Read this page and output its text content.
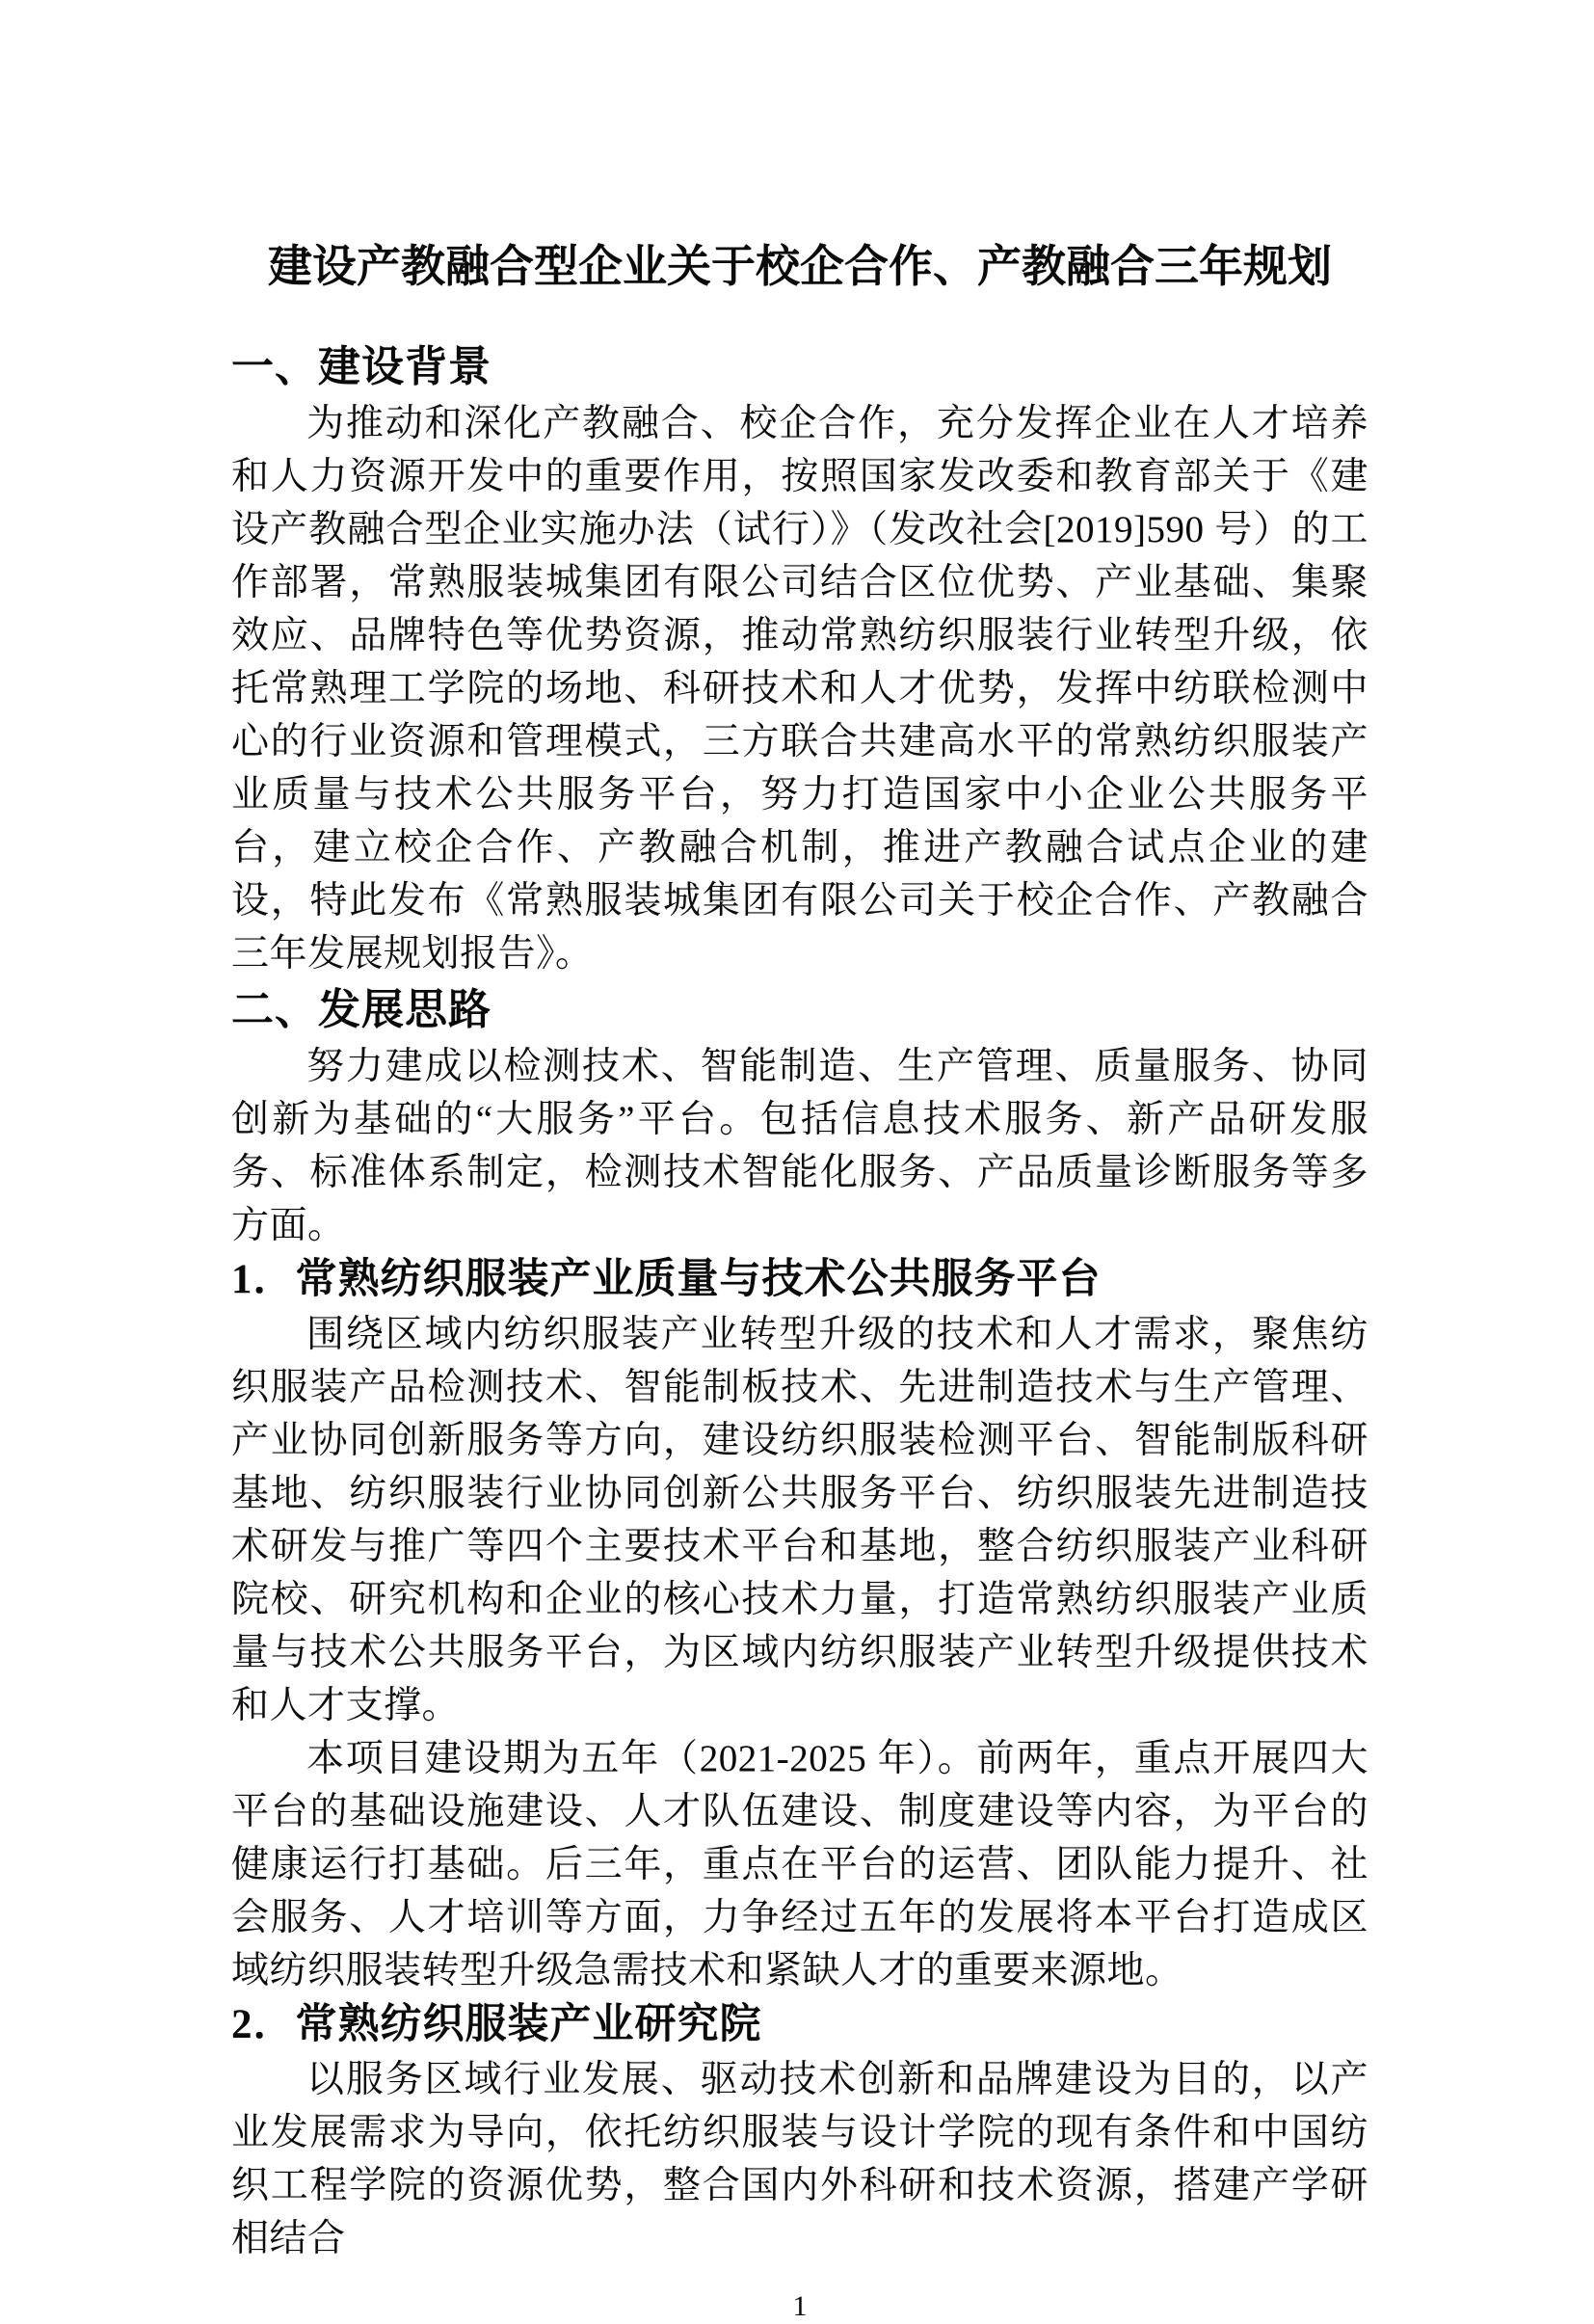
建设产教融合型企业关于校企合作、产教融合三年规划
一、建设背景

为推动和深化产教融合、校企合作，充分发挥企业在人才培养和人力资源开发中的重要作用，按照国家发改委和教育部关于《建设产教融合型企业实施办法（试行）》（发改社会[2019]590 号）的工作部署，常熟服装城集团有限公司结合区位优势、产业基础、集聚效应、品牌特色等优势资源，推动常熟纺织服装行业转型升级，依托常熟理工学院的场地、科研技术和人才优势，发挥中纺联检测中心的行业资源和管理模式，三方联合共建高水平的常熟纺织服装产业质量与技术公共服务平台，努力打造国家中小企业公共服务平台，建立校企合作、产教融合机制，推进产教融合试点企业的建设，特此发布《常熟服装城集团有限公司关于校企合作、产教融合三年发展规划报告》。

二、发展思路

努力建成以检测技术、智能制造、生产管理、质量服务、协同创新为基础的“大服务”平台。包括信息技术服务、新产品研发服务、标准体系制定，检测技术智能化服务、产品质量诊断服务等多方面。

1．常熟纺织服装产业质量与技术公共服务平台

围绕区域内纺织服装产业转型升级的技术和人才需求，聚焦纺织服装产品检测技术、智能制板技术、先进制造技术与生产管理、产业协同创新服务等方向，建设纺织服装检测平台、智能制版科研基地、纺织服装行业协同创新公共服务平台、纺织服装先进制造技术研发与推广等四个主要技术平台和基地，整合纺织服装产业科研院校、研究机构和企业的核心技术力量，打造常熟纺织服装产业质量与技术公共服务平台，为区域内纺织服装产业转型升级提供技术和人才支撑。

本项目建设期为五年（2021-2025 年）。前两年，重点开展四大平台的基础设施建设、人才队伍建设、制度建设等内容，为平台的健康运行打基础。后三年，重点在平台的运营、团队能力提升、社会服务、人才培训等方面，力争经过五年的发展将本平台打造成区域纺织服装转型升级急需技术和紧缺人才的重要来源地。

2．常熟纺织服装产业研究院

以服务区域行业发展、驱动技术创新和品牌建设为目的，以产业发展需求为导向，依托纺织服装与设计学院的现有条件和中国纺织工程学院的资源优势，整合国内外科研和技术资源，搭建产学研相结合

1
